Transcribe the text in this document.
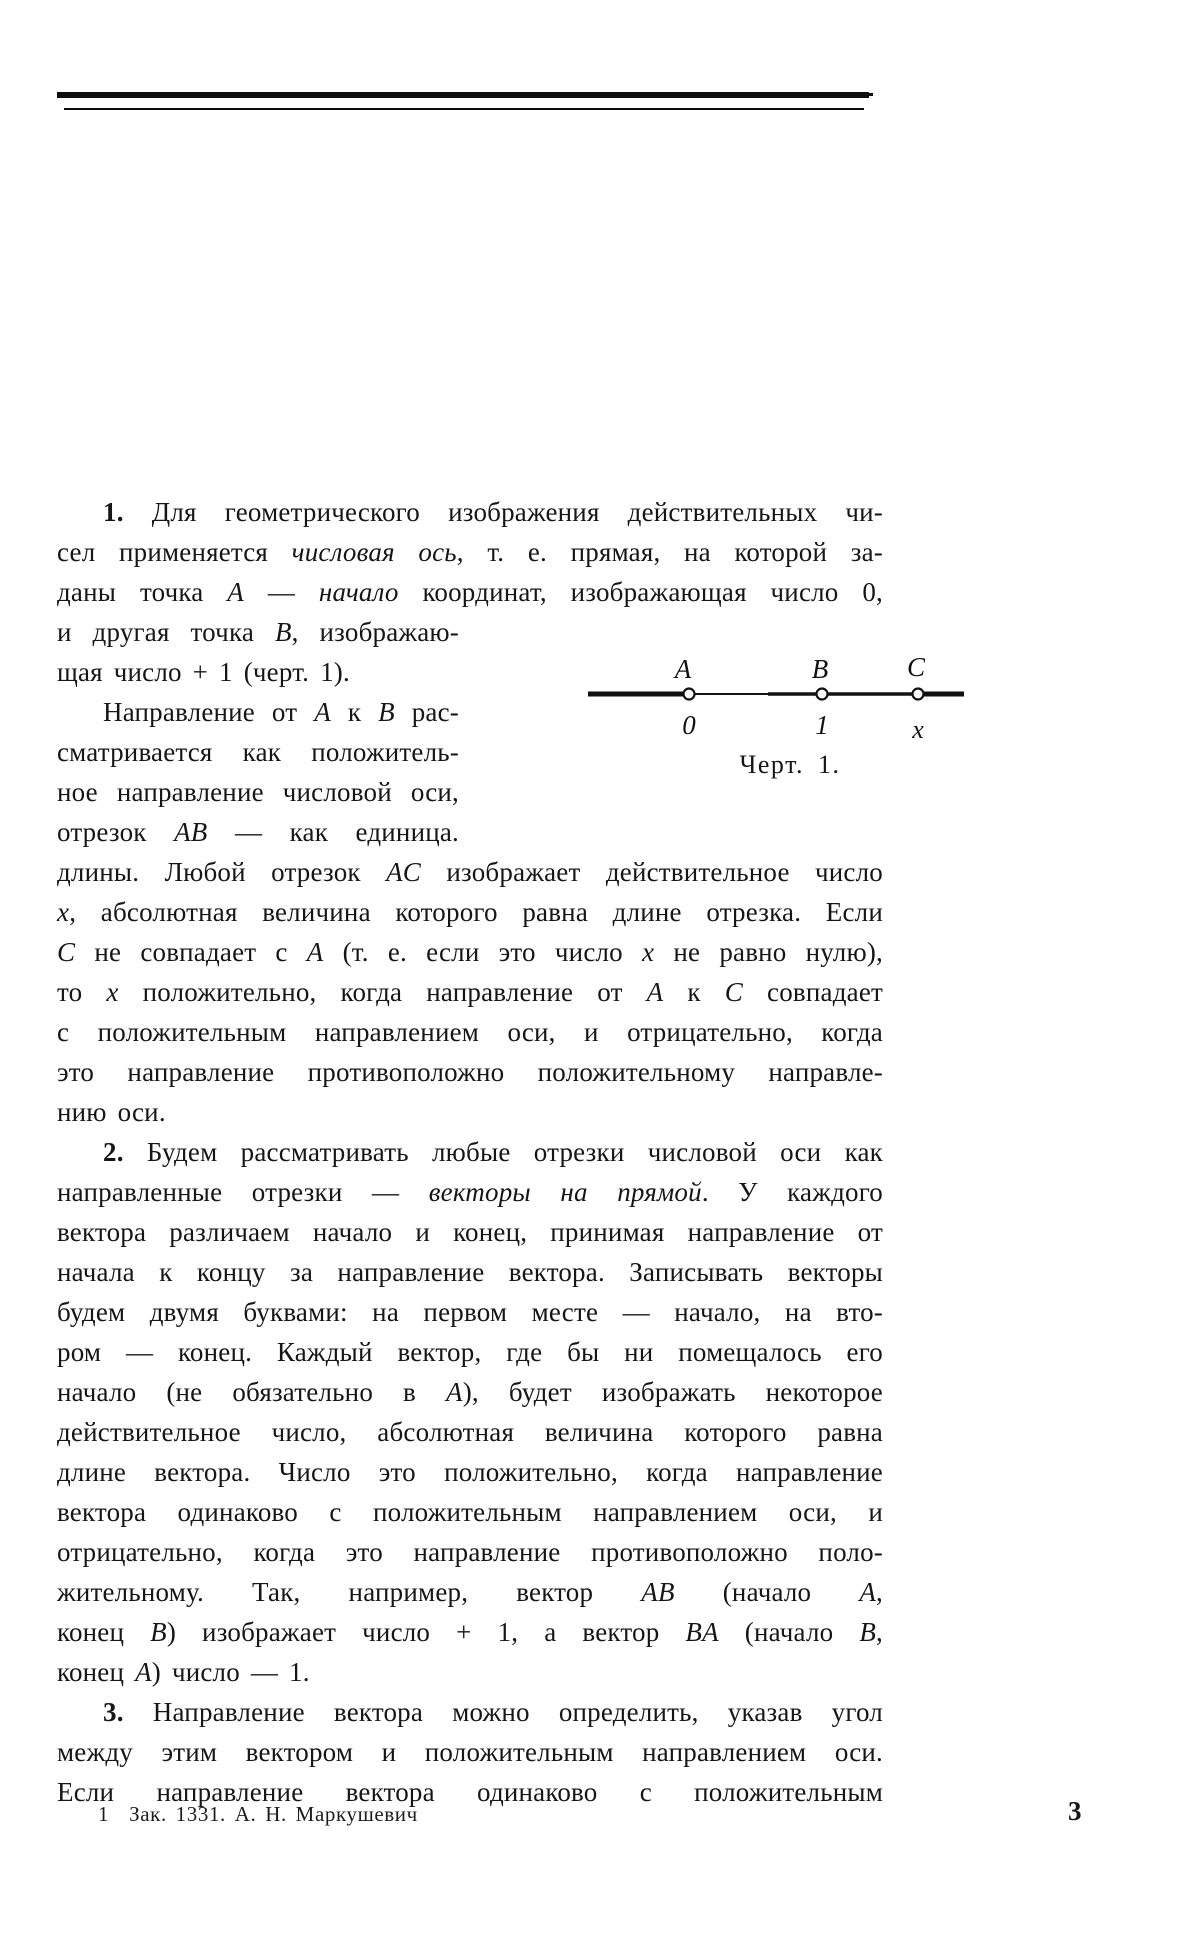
1. Для геометрического изображения действительных чи-
сел применяется числовая ось, т. е. прямая, на которой за-
даны точка A — начало координат, изображающая число 0,
и другая точка B, изображаю-
щая число + 1 (черт. 1).
Направление от A к B рас-
сматривается как положитель-
ное направление числовой оси,
отрезок AB — как единица.
длины. Любой отрезок AC изображает действительное число
x, абсолютная величина которого равна длине отрезка. Если
C не совпадает с A (т. е. если это число x не равно нулю),
то x положительно, когда направление от A к C совпадает
с положительным направлением оси, и отрицательно, когда
это направление противоположно положительному направле-
нию оси.
2. Будем рассматривать любые отрезки числовой оси как
направленные отрезки — векторы на прямой. У каждого
вектора различаем начало и конец, принимая направление от
начала к концу за направление вектора. Записывать векторы
будем двумя буквами: на первом месте — начало, на вто-
ром — конец. Каждый вектор, где бы ни помещалось его
начало (не обязательно в A), будет изображать некоторое
действительное число, абсолютная величина которого равна
длине вектора. Число это положительно, когда направление
вектора одинаково с положительным направлением оси, и
отрицательно, когда это направление противоположно поло-
жительному. Так, например, вектор AB (начало A,
конец B) изображает число + 1, а вектор BA (начало B,
конец A) число — 1.
3. Направление вектора можно определить, указав угол
между этим вектором и положительным направлением оси.
Если направление вектора одинаково с положительным
A	B	C
0	1	x
Черт. 1.
1 Зак. 1331. А. Н. Маркушевич	3
